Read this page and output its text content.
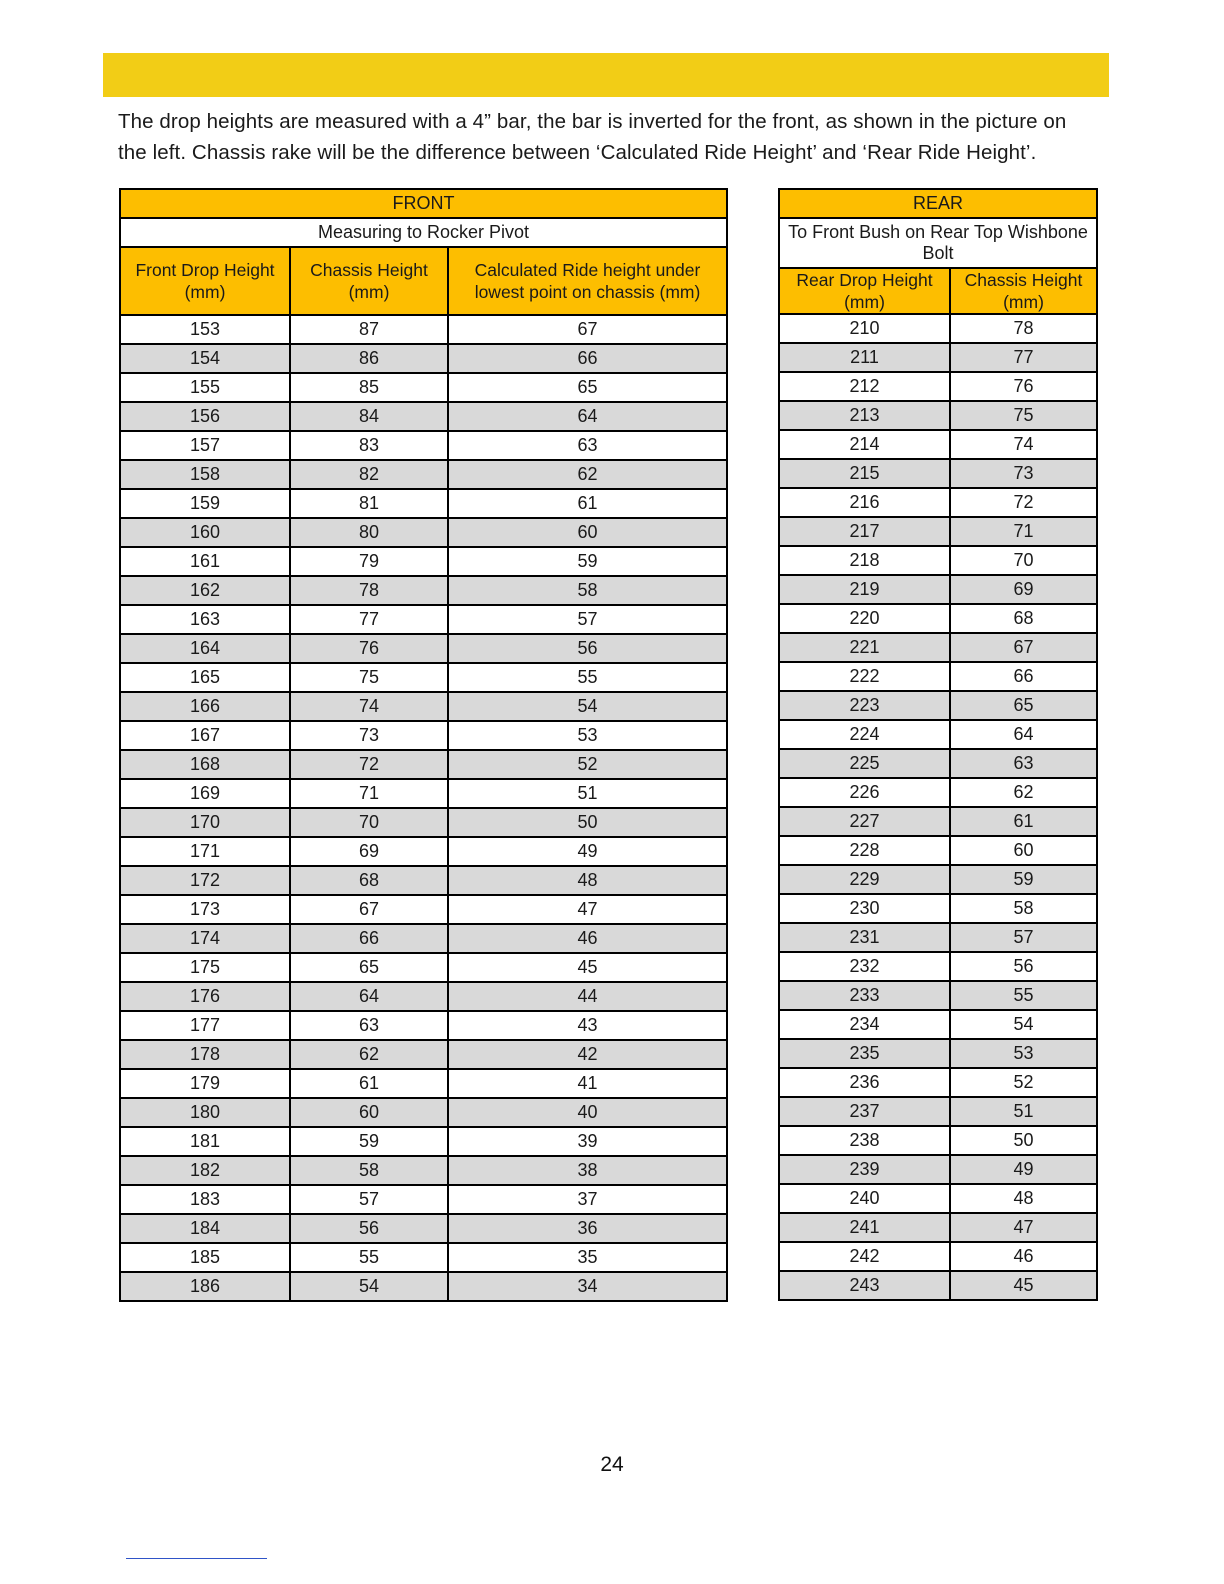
The drop heights are measured with a 4” bar, the bar is inverted for the front, as shown in the picture on the left. Chassis rake will be the difference between ‘Calculated Ride Height’ and ‘Rear Ride Height’.

FRONT		
Measuring to Rocker Pivot		
Front Drop Height (mm)	Chassis Height (mm)	Calculated Ride height under lowest point on chassis (mm)
153	87	67
154	86	66
155	85	65
156	84	64
157	83	63
158	82	62
159	81	61
160	80	60
161	79	59
162	78	58
163	77	57
164	76	56
165	75	55
166	74	54
167	73	53
168	72	52
169	71	51
170	70	50
171	69	49
172	68	48
173	67	47
174	66	46
175	65	45
176	64	44
177	63	43
178	62	42
179	61	41
180	60	40
181	59	39
182	58	38
183	57	37
184	56	36
185	55	35
186	54	34
REAR	
To Front Bush on Rear Top Wishbone Bolt	
Rear Drop Height (mm)	Chassis Height (mm)
210	78
211	77
212	76
213	75
214	74
215	73
216	72
217	71
218	70
219	69
220	68
221	67
222	66
223	65
224	64
225	63
226	62
227	61
228	60
229	59
230	58
231	57
232	56
233	55
234	54
235	53
236	52
237	51
238	50
239	49
240	48
241	47
242	46
243	45
24
